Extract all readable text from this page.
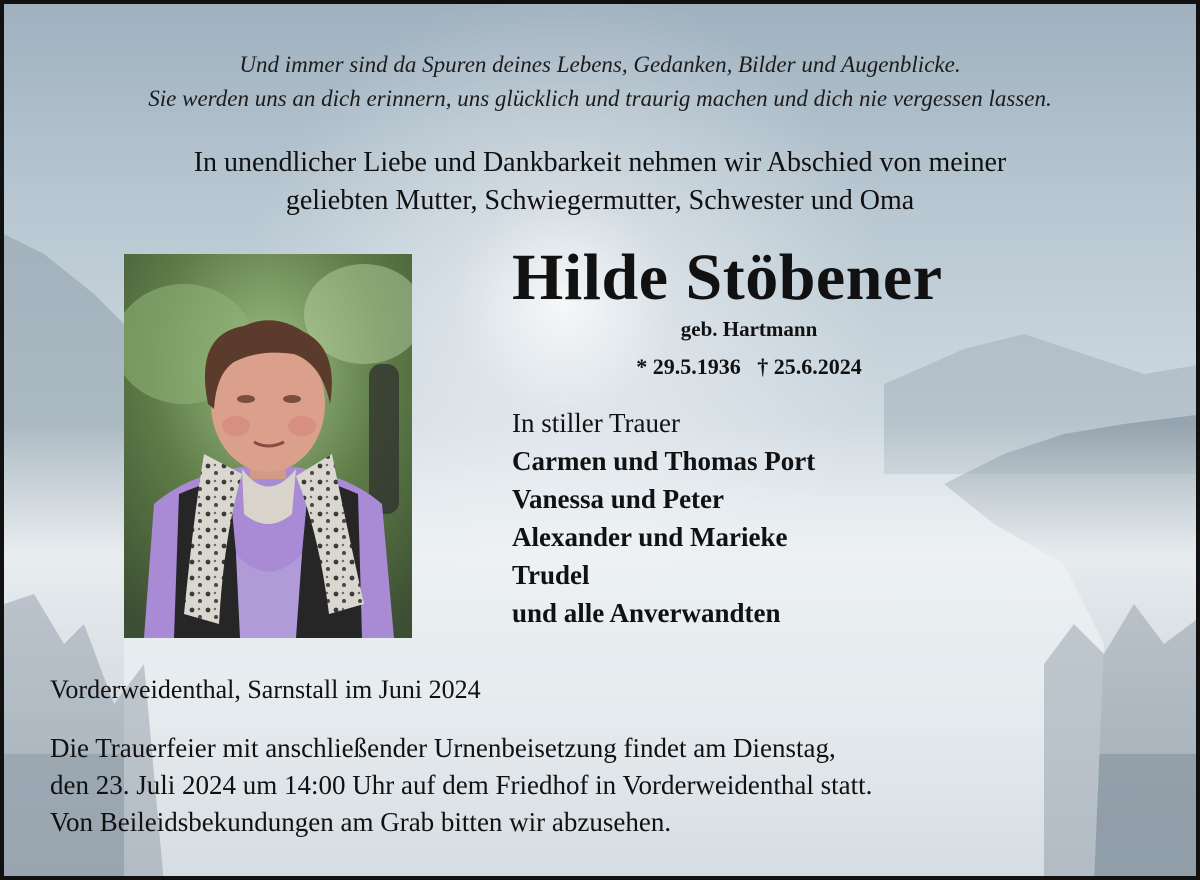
Und immer sind da Spuren deines Lebens, Gedanken, Bilder und Augenblicke.
Sie werden uns an dich erinnern, uns glücklich und traurig machen und dich nie vergessen lassen.
In unendlicher Liebe und Dankbarkeit nehmen wir Abschied von meiner
geliebten Mutter, Schwiegermutter, Schwester und Oma
Hilde Stöbener
geb. Hartmann
* 29.5.1936   † 25.6.2024
In stiller Trauer
Carmen und Thomas Port
Vanessa und Peter
Alexander und Marieke
Trudel
und alle Anverwandten
Vorderweidenthal, Sarnstall im Juni 2024
Die Trauerfeier mit anschließender Urnenbeisetzung findet am Dienstag,
den 23. Juli 2024 um 14:00 Uhr auf dem Friedhof in Vorderweidenthal statt.
Von Beileidsbekundungen am Grab bitten wir abzusehen.
